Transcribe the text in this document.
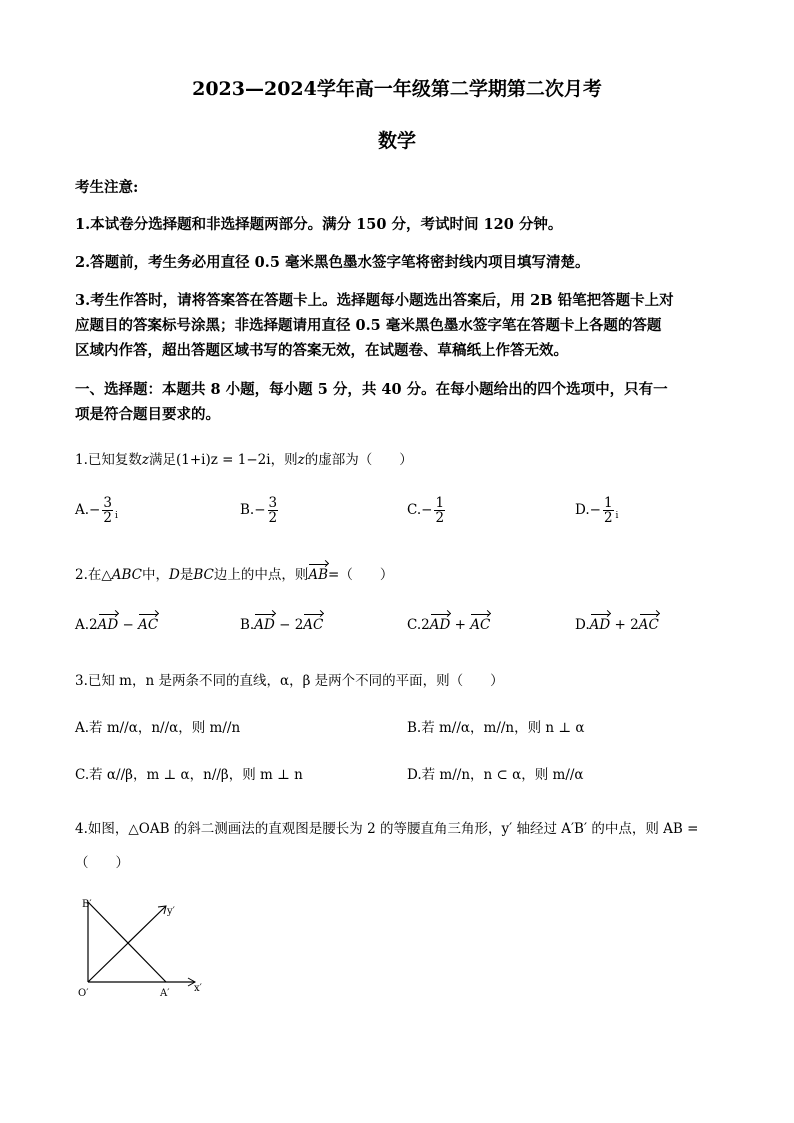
2023—2024学年高一年级第二学期第二次月考
数学
考生注意:
1.本试卷分选择题和非选择题两部分。满分 150 分，考试时间 120 分钟。
2.答题前，考生务必用直径 0.5 毫米黑色墨水签字笔将密封线内项目填写清楚。
3.考生作答时，请将答案答在答题卡上。选择题每小题选出答案后，用 2B 铅笔把答题卡上对
应题目的答案标号涂黑；非选择题请用直径 0.5 毫米黑色墨水签字笔在答题卡上各题的答题
区域内作答，超出答题区域书写的答案无效，在试题卷、草稿纸上作答无效。
一、选择题：本题共 8 小题，每小题 5 分，共 40 分。在每小题给出的四个选项中，只有一
项是符合题目要求的。
1.已知复数z满足(1+i)z = 1−2i，则z的虚部为（　　）
$A.- \frac{3}{2} _i$	$B.- \frac{3}{2}$	$C.- \frac{1}{2}$	$D.- \frac{1}{2} _i$
2.在△ABC中，D是BC边上的中点，则AB=（　　）
A.2AD − AC	B.AD − 2AC	C.2AD + AC	D.AD + 2AC
3.已知 m，n 是两条不同的直线，α，β 是两个不同的平面，则（　　）
A.若 m//α，n//α，则 m//n	B.若 m//α，m//n，则 n ⊥ α
C.若 α//β，m ⊥ α，n//β，则 m ⊥ n	D.若 m//n，n ⊂ α，则 m//α
4.如图，△OAB 的斜二测画法的直观图是腰长为 2 的等腰直角三角形，y′ 轴经过 A′B′ 的中点，则 AB =
（　　）
B′
O′	A′ x′
y′
